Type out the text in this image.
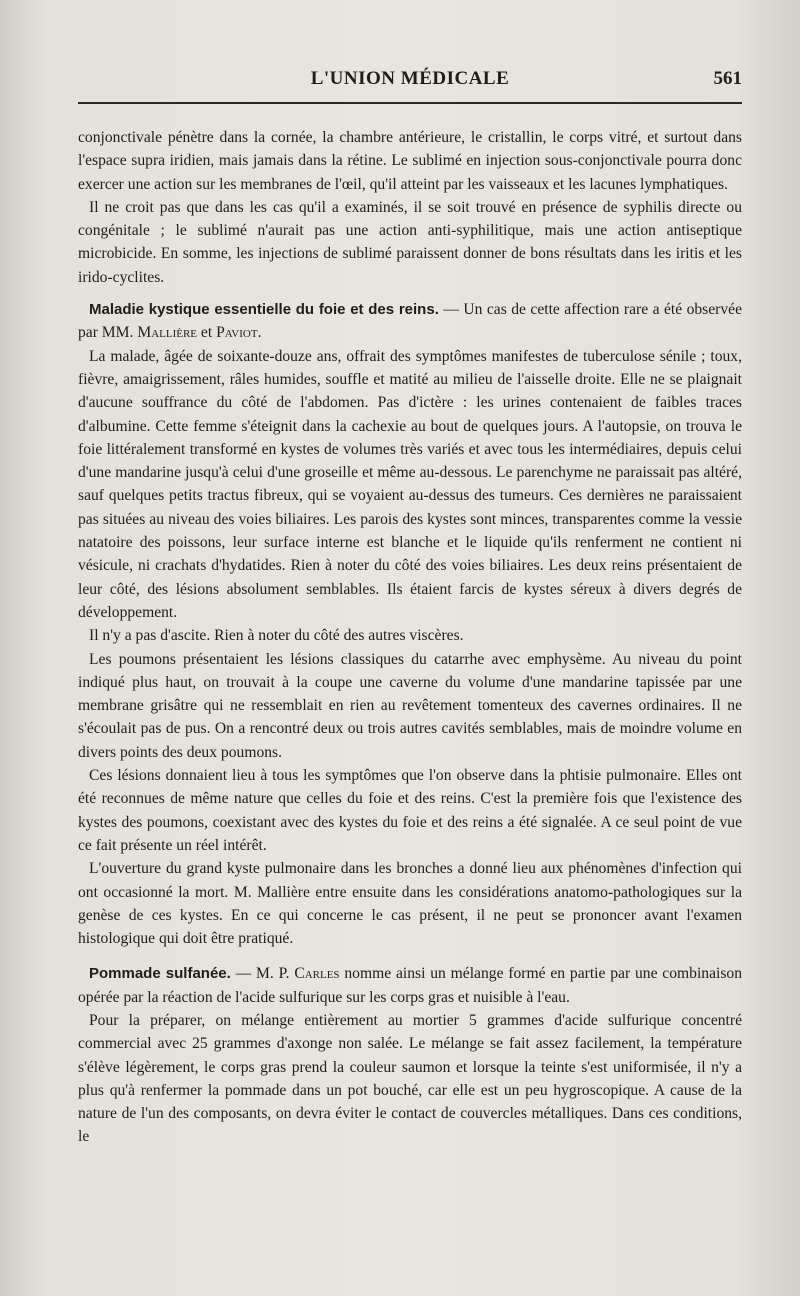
L'UNION MÉDICALE	561

conjonctivale pénètre dans la cornée, la chambre antérieure, le cristallin, le corps vitré, et surtout dans l'espace supra iridien, mais jamais dans la rétine. Le sublimé en injection sous-conjonctivale pourra donc exercer une action sur les membranes de l'œil, qu'il atteint par les vaisseaux et les lacunes lymphatiques.

Il ne croit pas que dans les cas qu'il a examinés, il se soit trouvé en présence de syphilis directe ou congénitale ; le sublimé n'aurait pas une action anti-syphilitique, mais une action antiseptique microbicide. En somme, les injections de sublimé paraissent donner de bons résultats dans les iritis et les irido-cyclites.

Maladie kystique essentielle du foie et des reins. — Un cas de cette affection rare a été observée par MM. Mallière et Paviot.

La malade, âgée de soixante-douze ans, offrait des symptômes manifestes de tuberculose sénile ; toux, fièvre, amaigrissement, râles humides, souffle et matité au milieu de l'aisselle droite. Elle ne se plaignait d'aucune souffrance du côté de l'abdomen. Pas d'ictère : les urines contenaient de faibles traces d'albumine. Cette femme s'éteignit dans la cachexie au bout de quelques jours. A l'autopsie, on trouva le foie littéralement transformé en kystes de volumes très variés et avec tous les intermédiaires, depuis celui d'une mandarine jusqu'à celui d'une groseille et même au-dessous. Le parenchyme ne paraissait pas altéré, sauf quelques petits tractus fibreux, qui se voyaient au-dessus des tumeurs. Ces dernières ne paraissaient pas situées au niveau des voies biliaires. Les parois des kystes sont minces, transparentes comme la vessie natatoire des poissons, leur surface interne est blanche et le liquide qu'ils renferment ne contient ni vésicule, ni crachats d'hydatides. Rien à noter du côté des voies biliaires. Les deux reins présentaient de leur côté, des lésions absolument semblables. Ils étaient farcis de kystes séreux à divers degrés de développement.

Il n'y a pas d'ascite. Rien à noter du côté des autres viscères.

Les poumons présentaient les lésions classiques du catarrhe avec emphysème. Au niveau du point indiqué plus haut, on trouvait à la coupe une caverne du volume d'une mandarine tapissée par une membrane grisâtre qui ne ressemblait en rien au revêtement tomenteux des cavernes ordinaires. Il ne s'écoulait pas de pus. On a rencontré deux ou trois autres cavités semblables, mais de moindre volume en divers points des deux poumons.

Ces lésions donnaient lieu à tous les symptômes que l'on observe dans la phtisie pulmonaire. Elles ont été reconnues de même nature que celles du foie et des reins. C'est la première fois que l'existence des kystes des poumons, coexistant avec des kystes du foie et des reins a été signalée. A ce seul point de vue ce fait présente un réel intérêt.

L'ouverture du grand kyste pulmonaire dans les bronches a donné lieu aux phénomènes d'infection qui ont occasionné la mort. M. Mallière entre ensuite dans les considérations anatomo-pathologiques sur la genèse de ces kystes. En ce qui concerne le cas présent, il ne peut se prononcer avant l'examen histologique qui doit être pratiqué.

Pommade sulfanée. — M. P. Carles nomme ainsi un mélange formé en partie par une combinaison opérée par la réaction de l'acide sulfurique sur les corps gras et nuisible à l'eau.

Pour la préparer, on mélange entièrement au mortier 5 grammes d'acide sulfurique concentré commercial avec 25 grammes d'axonge non salée. Le mélange se fait assez facilement, la température s'élève légèrement, le corps gras prend la couleur saumon et lorsque la teinte s'est uniformisée, il n'y a plus qu'à renfermer la pommade dans un pot bouché, car elle est un peu hygroscopique. A cause de la nature de l'un des composants, on devra éviter le contact de couvercles métalliques. Dans ces conditions, le
